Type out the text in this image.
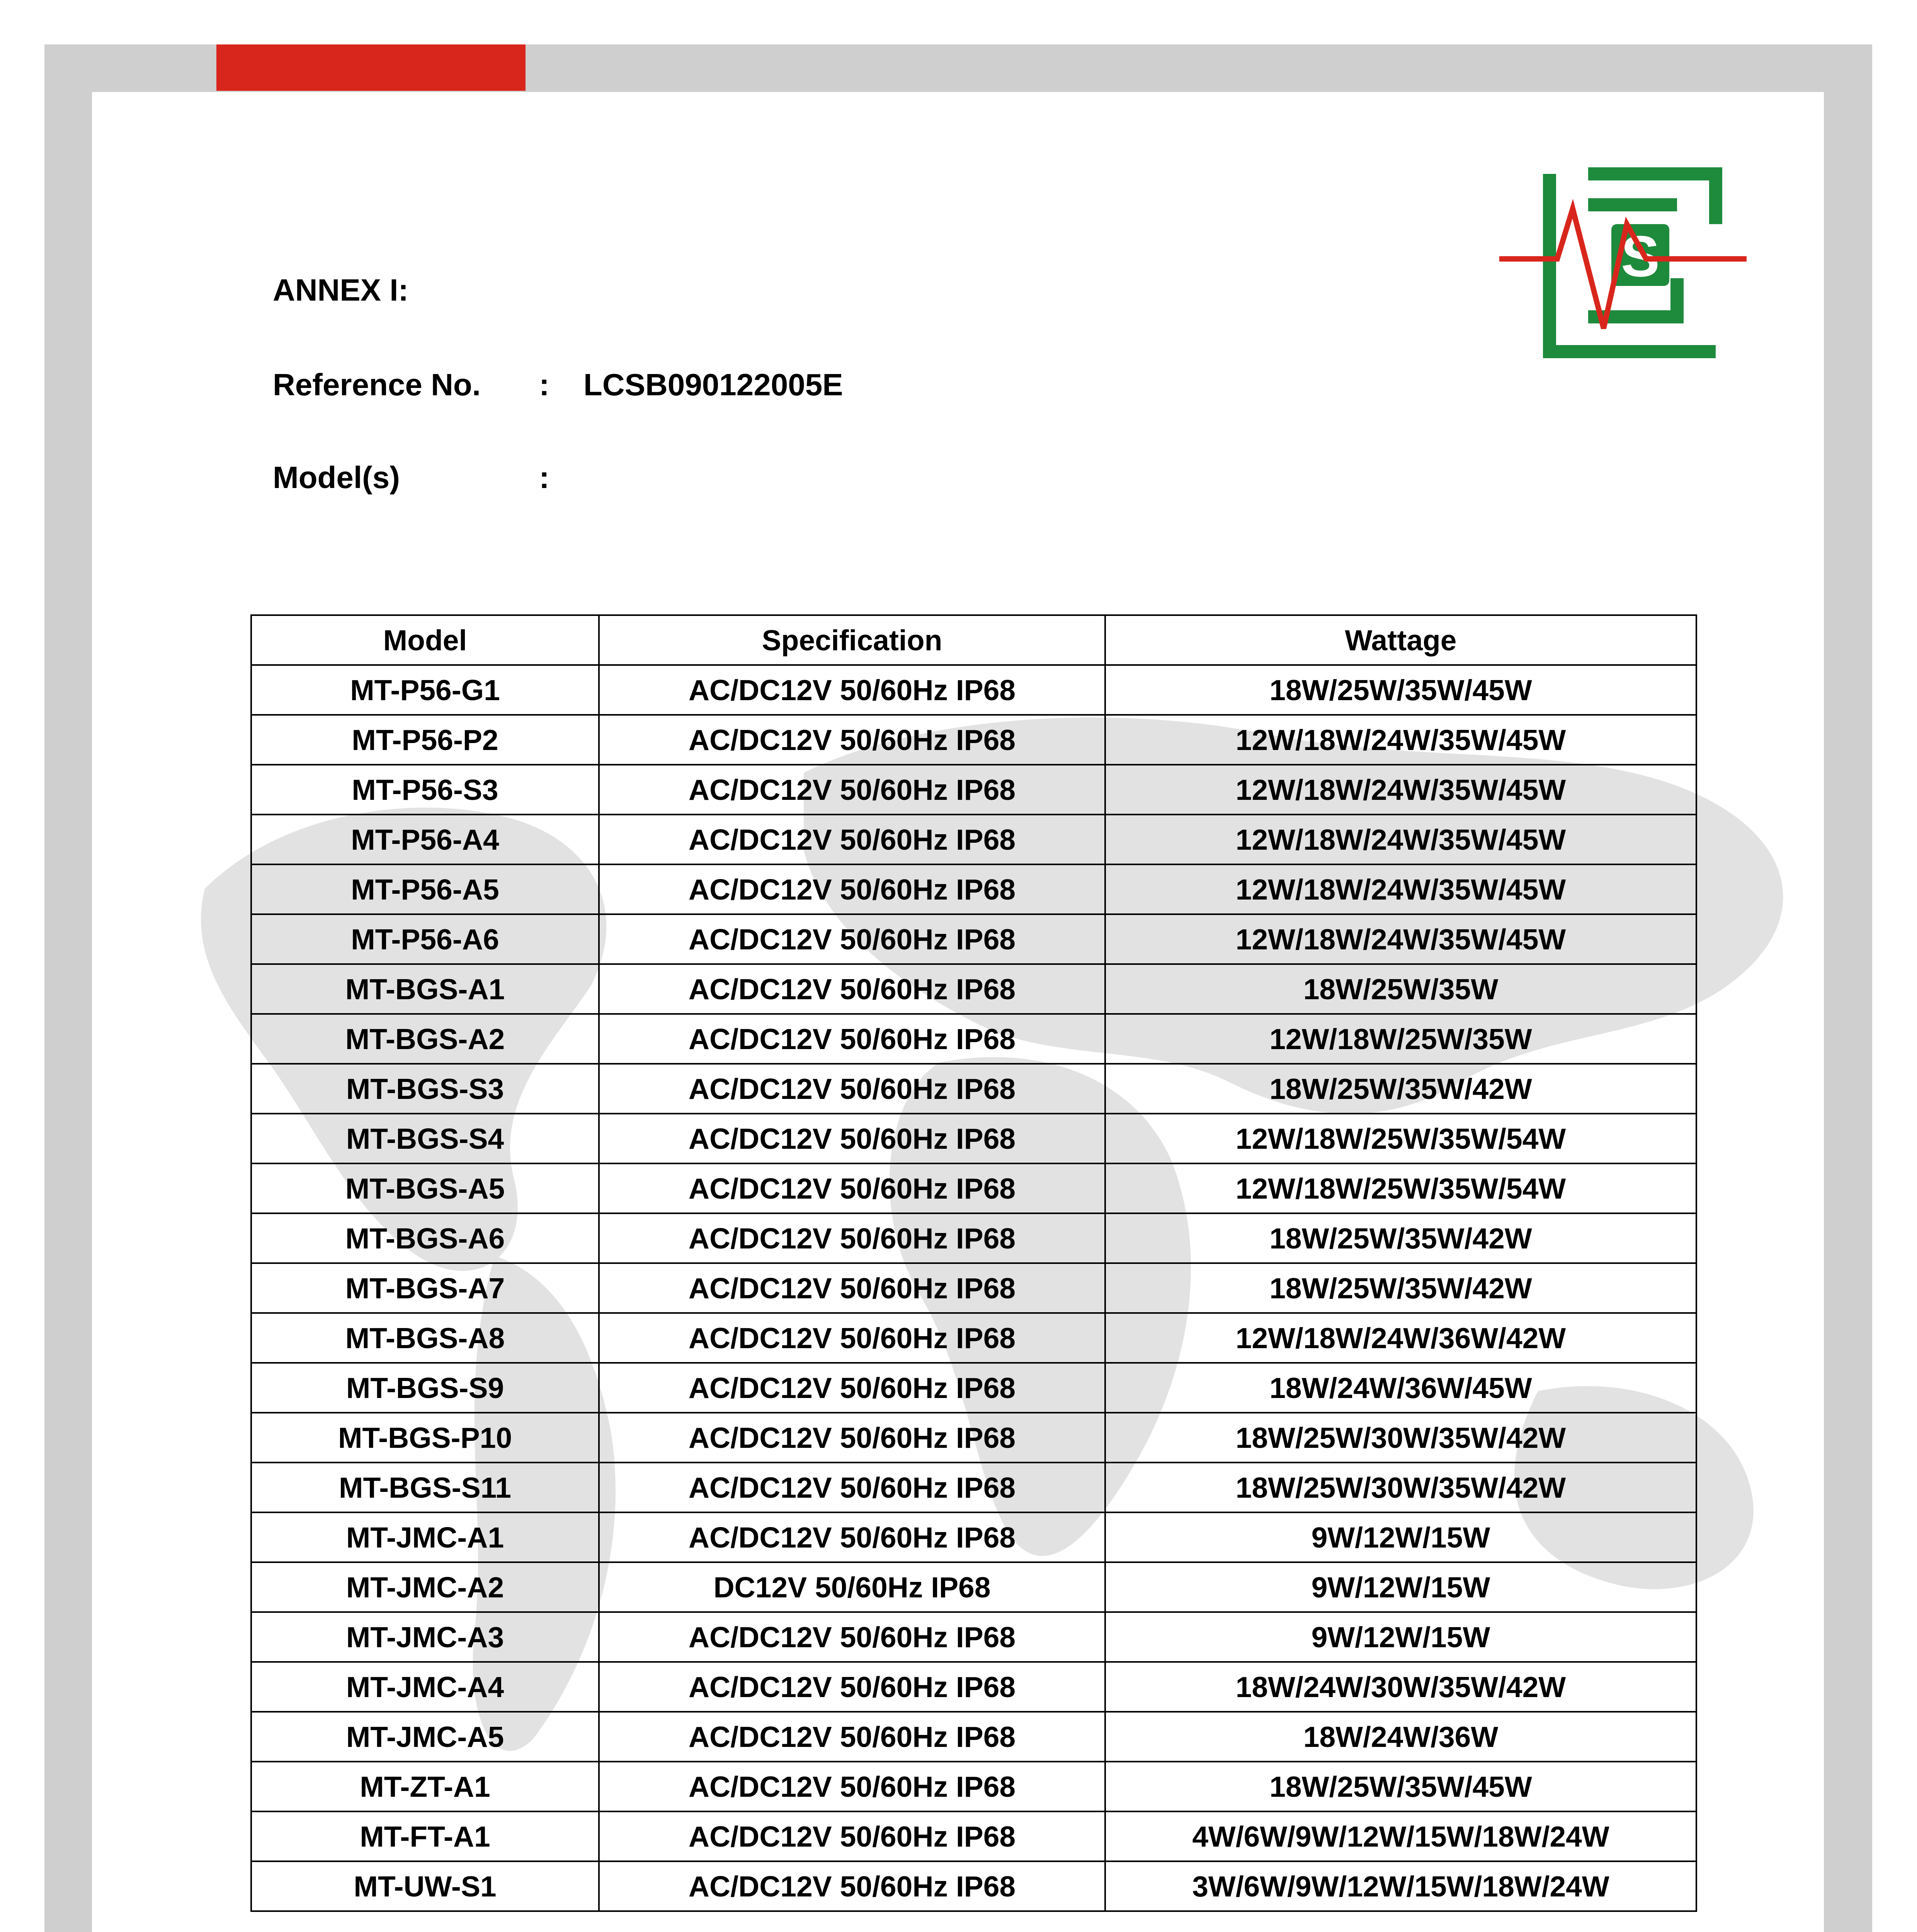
S
ANNEX I:
Reference No. : LCSB090122005E
Model(s)	:
Model	Specification	Wattage
MT-P56-G1	AC/DC12V 50/60Hz IP68	18W/25W/35W/45W
MT-P56-P2	AC/DC12V 50/60Hz IP68	12W/18W/24W/35W/45W
MT-P56-S3	AC/DC12V 50/60Hz IP68	12W/18W/24W/35W/45W
MT-P56-A4	AC/DC12V 50/60Hz IP68	12W/18W/24W/35W/45W
MT-P56-A5	AC/DC12V 50/60Hz IP68	12W/18W/24W/35W/45W
MT-P56-A6	AC/DC12V 50/60Hz IP68	12W/18W/24W/35W/45W
MT-BGS-A1	AC/DC12V 50/60Hz IP68	18W/25W/35W
MT-BGS-A2	AC/DC12V 50/60Hz IP68	12W/18W/25W/35W
MT-BGS-S3	AC/DC12V 50/60Hz IP68	18W/25W/35W/42W
MT-BGS-S4	AC/DC12V 50/60Hz IP68	12W/18W/25W/35W/54W
MT-BGS-A5	AC/DC12V 50/60Hz IP68	12W/18W/25W/35W/54W
MT-BGS-A6	AC/DC12V 50/60Hz IP68	18W/25W/35W/42W
MT-BGS-A7	AC/DC12V 50/60Hz IP68	18W/25W/35W/42W
MT-BGS-A8	AC/DC12V 50/60Hz IP68	12W/18W/24W/36W/42W
MT-BGS-S9	AC/DC12V 50/60Hz IP68	18W/24W/36W/45W
MT-BGS-P10	AC/DC12V 50/60Hz IP68	18W/25W/30W/35W/42W
MT-BGS-S11	AC/DC12V 50/60Hz IP68	18W/25W/30W/35W/42W
MT-JMC-A1	AC/DC12V 50/60Hz IP68	9W/12W/15W
MT-JMC-A2	DC12V 50/60Hz IP68	9W/12W/15W
MT-JMC-A3	AC/DC12V 50/60Hz IP68	9W/12W/15W
MT-JMC-A4	AC/DC12V 50/60Hz IP68	18W/24W/30W/35W/42W
MT-JMC-A5	AC/DC12V 50/60Hz IP68	18W/24W/36W
MT-ZT-A1	AC/DC12V 50/60Hz IP68	18W/25W/35W/45W
MT-FT-A1	AC/DC12V 50/60Hz IP68	4W/6W/9W/12W/15W/18W/24W
MT-UW-S1	AC/DC12V 50/60Hz IP68	3W/6W/9W/12W/15W/18W/24W
